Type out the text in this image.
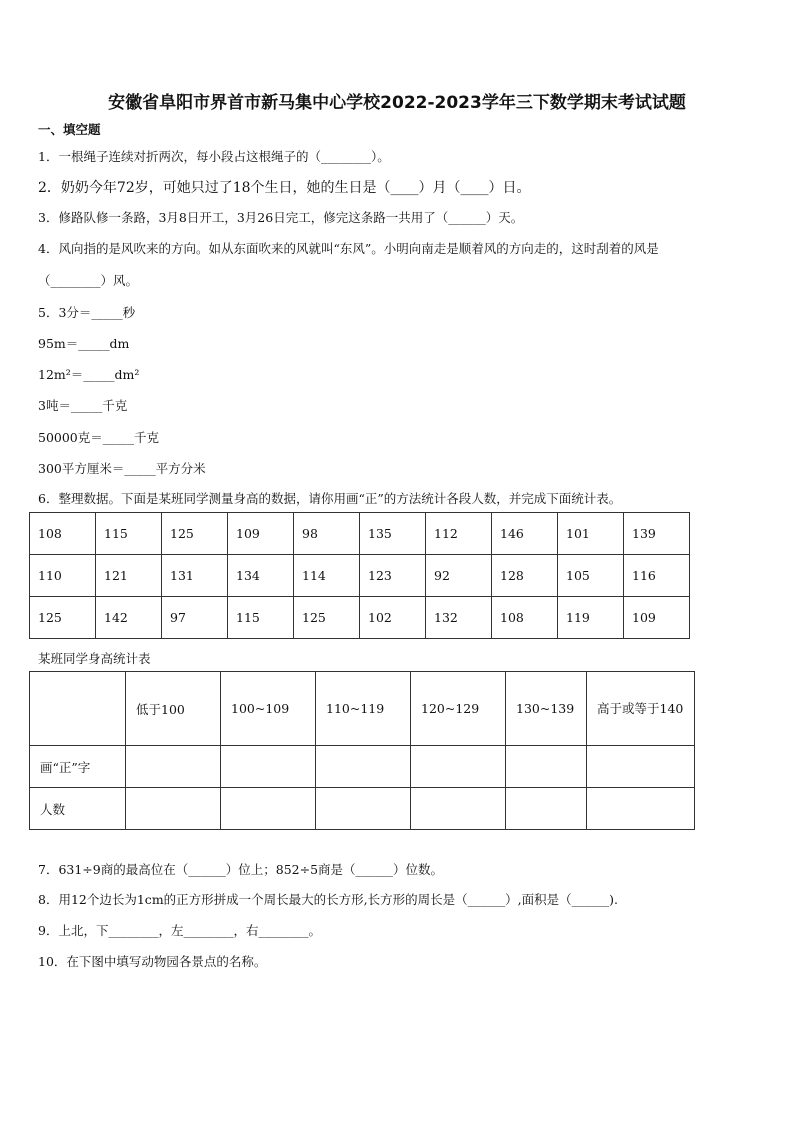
安徽省阜阳市界首市新马集中心学校2022-2023学年三下数学期末考试试题
一、填空题
1．一根绳子连续对折两次，每小段占这根绳子的（________）。
2．奶奶今年72岁，可她只过了18个生日，她的生日是（____）月（____）日。
3．修路队修一条路，3月8日开工，3月26日完工，修完这条路一共用了（______）天。
4．风向指的是风吹来的方向。如从东面吹来的风就叫“东风”。小明向南走是顺着风的方向走的，这时刮着的风是
（________）风。
5．3分＝_____秒
95m＝_____dm
12m²＝_____dm²
3吨＝_____千克
50000克＝_____千克
300平方厘米＝_____平方分米
6．整理数据。下面是某班同学测量身高的数据，请你用画“正”的方法统计各段人数，并完成下面统计表。
108	115	125	109	98	135	112	146	101	139
110	121	131	134	114	123	92	128	105	116
125	142	97	115	125	102	132	108	119	109
某班同学身高统计表
	低于100	100~109	110~119	120~129	130~139	高于或等于140
画“正”字						
人数						
7．631÷9商的最高位在（______）位上；852÷5商是（______）位数。
8．用12个边长为1cm的正方形拼成一个周长最大的长方形,长方形的周长是（______）,面积是（______).
9．上北，下________，左________，右________。
10．在下图中填写动物园各景点的名称。
